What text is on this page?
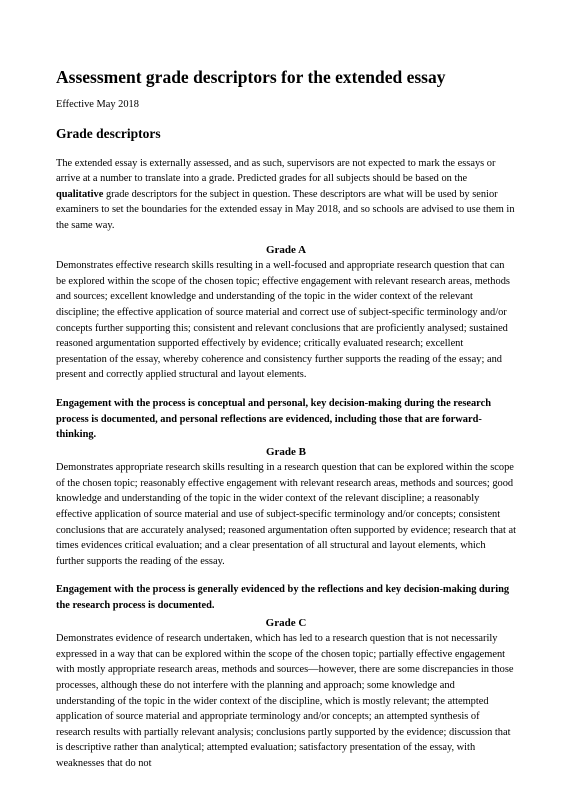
Assessment grade descriptors for the extended essay

Effective May 2018

Grade descriptors

The extended essay is externally assessed, and as such, supervisors are not expected to mark the essays or arrive at a number to translate into a grade. Predicted grades for all subjects should be based on the qualitative grade descriptors for the subject in question. These descriptors are what will be used by senior examiners to set the boundaries for the extended essay in May 2018, and so schools are advised to use them in the same way.

Grade A

Demonstrates effective research skills resulting in a well-focused and appropriate research question that can be explored within the scope of the chosen topic; effective engagement with relevant research areas, methods and sources; excellent knowledge and understanding of the topic in the wider context of the relevant discipline; the effective application of source material and correct use of subject-specific terminology and/or concepts further supporting this; consistent and relevant conclusions that are proficiently analysed; sustained reasoned argumentation supported effectively by evidence; critically evaluated research; excellent presentation of the essay, whereby coherence and consistency further supports the reading of the essay; and present and correctly applied structural and layout elements.

Engagement with the process is conceptual and personal, key decision-making during the research process is documented, and personal reflections are evidenced, including those that are forward-thinking.

Grade B

Demonstrates appropriate research skills resulting in a research question that can be explored within the scope of the chosen topic; reasonably effective engagement with relevant research areas, methods and sources; good knowledge and understanding of the topic in the wider context of the relevant discipline; a reasonably effective application of source material and use of subject-specific terminology and/or concepts; consistent conclusions that are accurately analysed; reasoned argumentation often supported by evidence; research that at times evidences critical evaluation; and a clear presentation of all structural and layout elements, which further supports the reading of the essay.

Engagement with the process is generally evidenced by the reflections and key decision-making during the research process is documented.

Grade C

Demonstrates evidence of research undertaken, which has led to a research question that is not necessarily expressed in a way that can be explored within the scope of the chosen topic; partially effective engagement with mostly appropriate research areas, methods and sources—however, there are some discrepancies in those processes, although these do not interfere with the planning and approach; some knowledge and understanding of the topic in the wider context of the discipline, which is mostly relevant; the attempted application of source material and appropriate terminology and/or concepts; an attempted synthesis of research results with partially relevant analysis; conclusions partly supported by the evidence; discussion that is descriptive rather than analytical; attempted evaluation; satisfactory presentation of the essay, with weaknesses that do not
